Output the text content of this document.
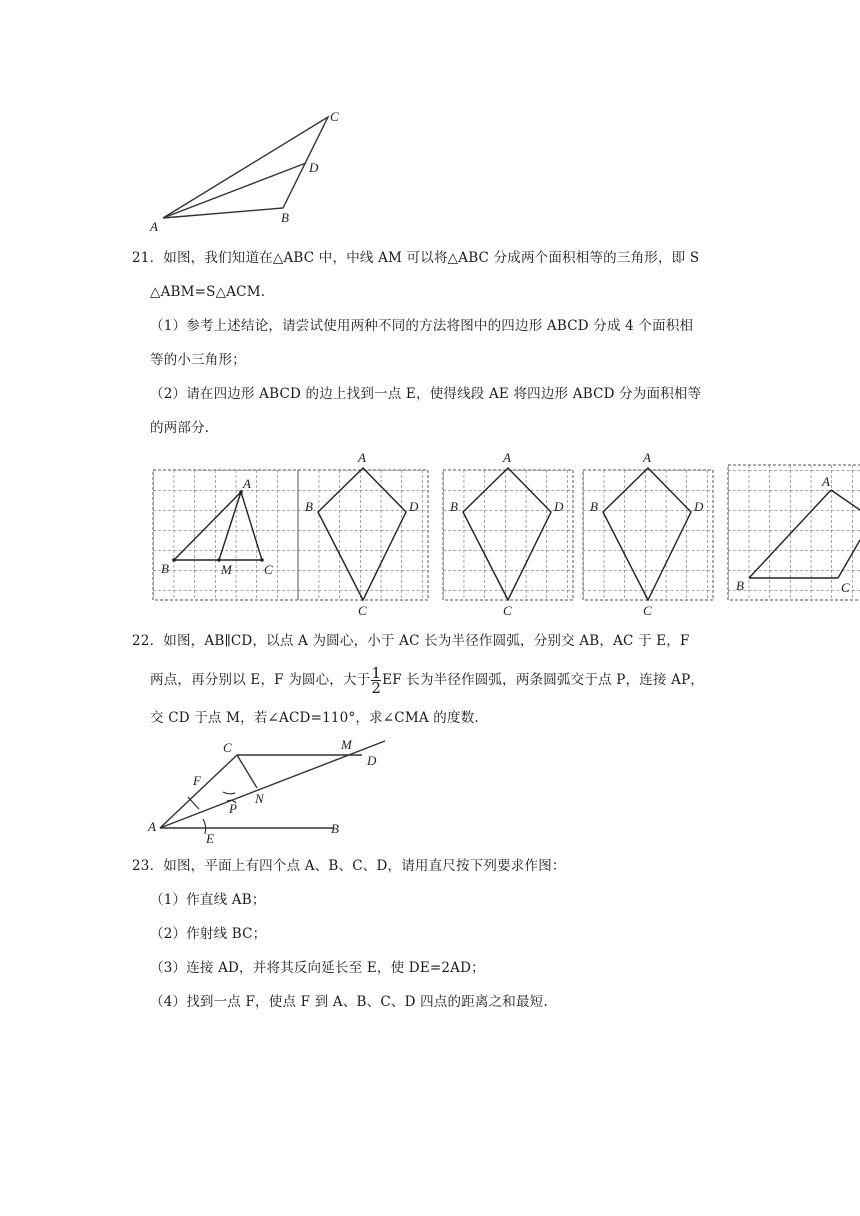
A
B
C
D
21．如图，我们知道在△ABC 中，中线 AM 可以将△ABC 分成两个面积相等的三角形，即 S
△ABM=S△ACM.
（1）参考上述结论，请尝试使用两种不同的方法将图中的四边形 ABCD 分成 4 个面积相
等的小三角形；
（2）请在四边形 ABCD 的边上找到一点 E，使得线段 AE 将四边形 ABCD 分为面积相等
的两部分.
A
B	M C
A
B	D
C
A
B	D
C
A
B	D
C
A
B	C
22．如图，AB∥CD，以点 A 为圆心，小于 AC 长为半径作圆弧，分别交 AB，AC 于 E，F
两点，再分别以 E，F 为圆心，大于 $\frac{1}{2}$ EF 长为半径作圆弧，两条圆弧交于点 P，连接 AP，
交 CD 于点 M，若∠ACD=110°，求∠CMA 的度数.
C	M
D
F
N
P
A
E
B
23．如图，平面上有四个点 A、B、C、D，请用直尺按下列要求作图：
（1）作直线 AB；
（2）作射线 BC；
（3）连接 AD，并将其反向延长至 E，使 DE=2AD；
（4）找到一点 F，使点 F 到 A、B、C、D 四点的距离之和最短.
